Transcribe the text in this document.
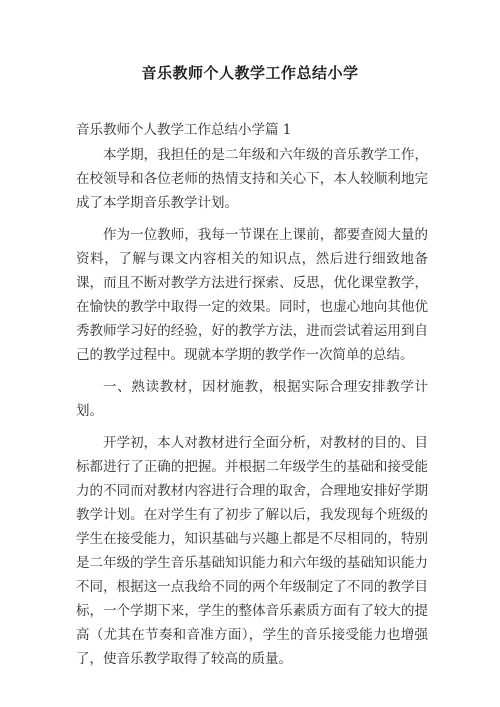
音乐教师个人教学工作总结小学
音乐教师个人教学工作总结小学篇 1

本学期，我担任的是二年级和六年级的音乐教学工作，在校领导和各位老师的热情支持和关心下，本人较顺利地完成了本学期音乐教学计划。

作为一位教师，我每一节课在上课前，都要查阅大量的资料，了解与课文内容相关的知识点，然后进行细致地备课，而且不断对教学方法进行探索、反思，优化课堂教学，在愉快的教学中取得一定的效果。同时，也虚心地向其他优秀教师学习好的经验，好的教学方法，进而尝试着运用到自己的教学过程中。现就本学期的教学作一次简单的总结。

一、熟读教材，因材施教，根据实际合理安排教学计划。

开学初，本人对教材进行全面分析，对教材的目的、目标都进行了正确的把握。并根据二年级学生的基础和接受能力的不同而对教材内容进行合理的取舍，合理地安排好学期教学计划。在对学生有了初步了解以后，我发现每个班级的学生在接受能力，知识基础与兴趣上都是不尽相同的，特别是二年级的学生音乐基础知识能力和六年级的基础知识能力不同，根据这一点我给不同的两个年级制定了不同的教学目标，一个学期下来，学生的整体音乐素质方面有了较大的提高（尤其在节奏和音准方面），学生的音乐接受能力也增强了，使音乐教学取得了较高的质量。
